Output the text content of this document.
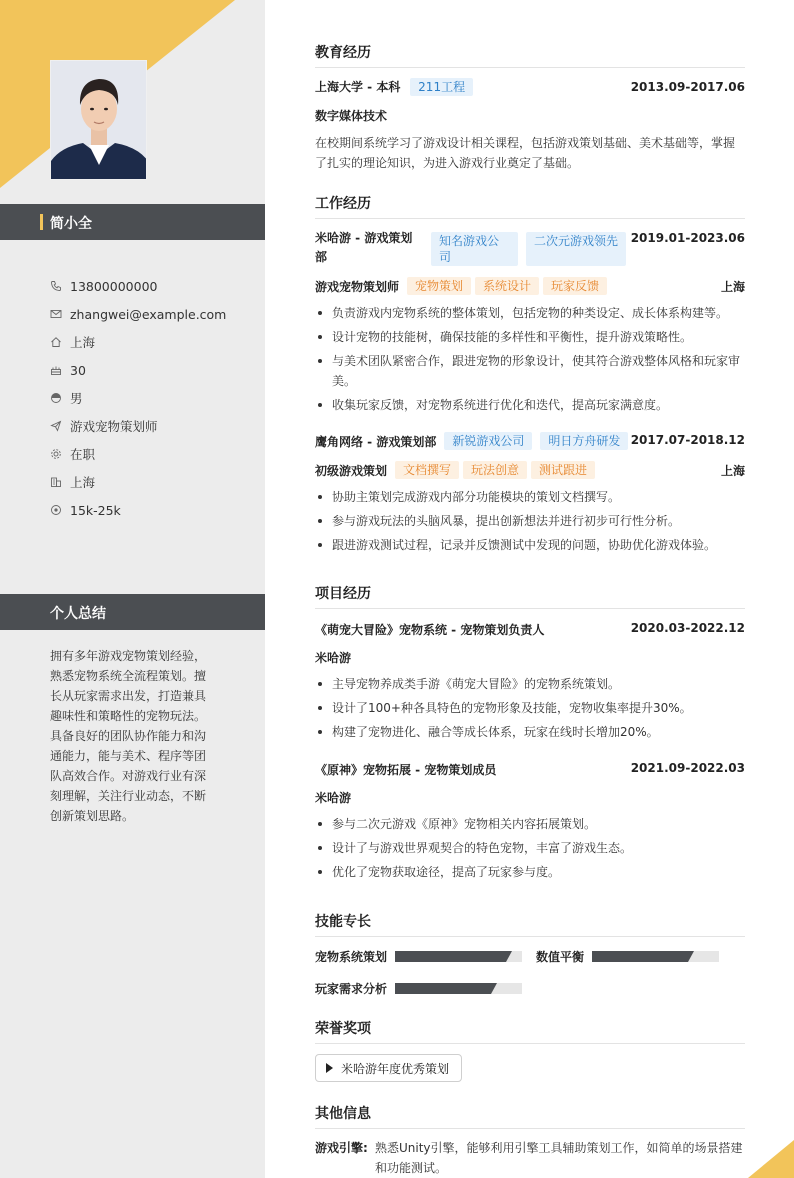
简小全
13800000000
zhangwei@example.com
上海
30
男
游戏宠物策划师
在职
上海
15k-25k
个人总结

拥有多年游戏宠物策划经验，熟悉宠物系统全流程策划。擅长从玩家需求出发，打造兼具趣味性和策略性的宠物玩法。具备良好的团队协作能力和沟通能力，能与美术、程序等团队高效合作。对游戏行业有深刻理解，关注行业动态，不断创新策划思路。

教育经历
上海大学 - 本科 211工程	2013.09-2017.06
数字媒体技术

在校期间系统学习了游戏设计相关课程，包括游戏策划基础、美术基础等，掌握了扎实的理论知识，为进入游戏行业奠定了基础。

工作经历
米哈游 - 游戏策划部
知名游戏公司
二次元游戏领先	2019.01-2023.06
游戏宠物策划师	宠物策划	系统设计	玩家反馈	上海
负责游戏内宠物系统的整体策划，包括宠物的种类设定、成长体系构建等。
设计宠物的技能树，确保技能的多样性和平衡性，提升游戏策略性。
与美术团队紧密合作，跟进宠物的形象设计，使其符合游戏整体风格和玩家审美。
收集玩家反馈，对宠物系统进行优化和迭代，提高玩家满意度。
鹰角网络 - 游戏策划部	新锐游戏公司	明日方舟研发 2017.07-2018.12
初级游戏策划	文档撰写	玩法创意	测试跟进	上海
协助主策划完成游戏内部分功能模块的策划文档撰写。
参与游戏玩法的头脑风暴，提出创新想法并进行初步可行性分析。
跟进游戏测试过程，记录并反馈测试中发现的问题，协助优化游戏体验。
项目经历
《萌宠大冒险》宠物系统 - 宠物策划负责人	2020.03-2022.12
米哈游
主导宠物养成类手游《萌宠大冒险》的宠物系统策划。
设计了100+种各具特色的宠物形象及技能，宠物收集率提升30%。
构建了宠物进化、融合等成长体系，玩家在线时长增加20%。
《原神》宠物拓展 - 宠物策划成员	2021.09-2022.03
米哈游
参与二次元游戏《原神》宠物相关内容拓展策划。
设计了与游戏世界观契合的特色宠物，丰富了游戏生态。
优化了宠物获取途径，提高了玩家参与度。
技能专长
宠物系统策划	数值平衡
玩家需求分析
荣誉奖项
米哈游年度优秀策划
其他信息
游戏引擎: 熟悉Unity引擎，能够利用引擎工具辅助策划工作，如简单的场景搭建和功能测试。
